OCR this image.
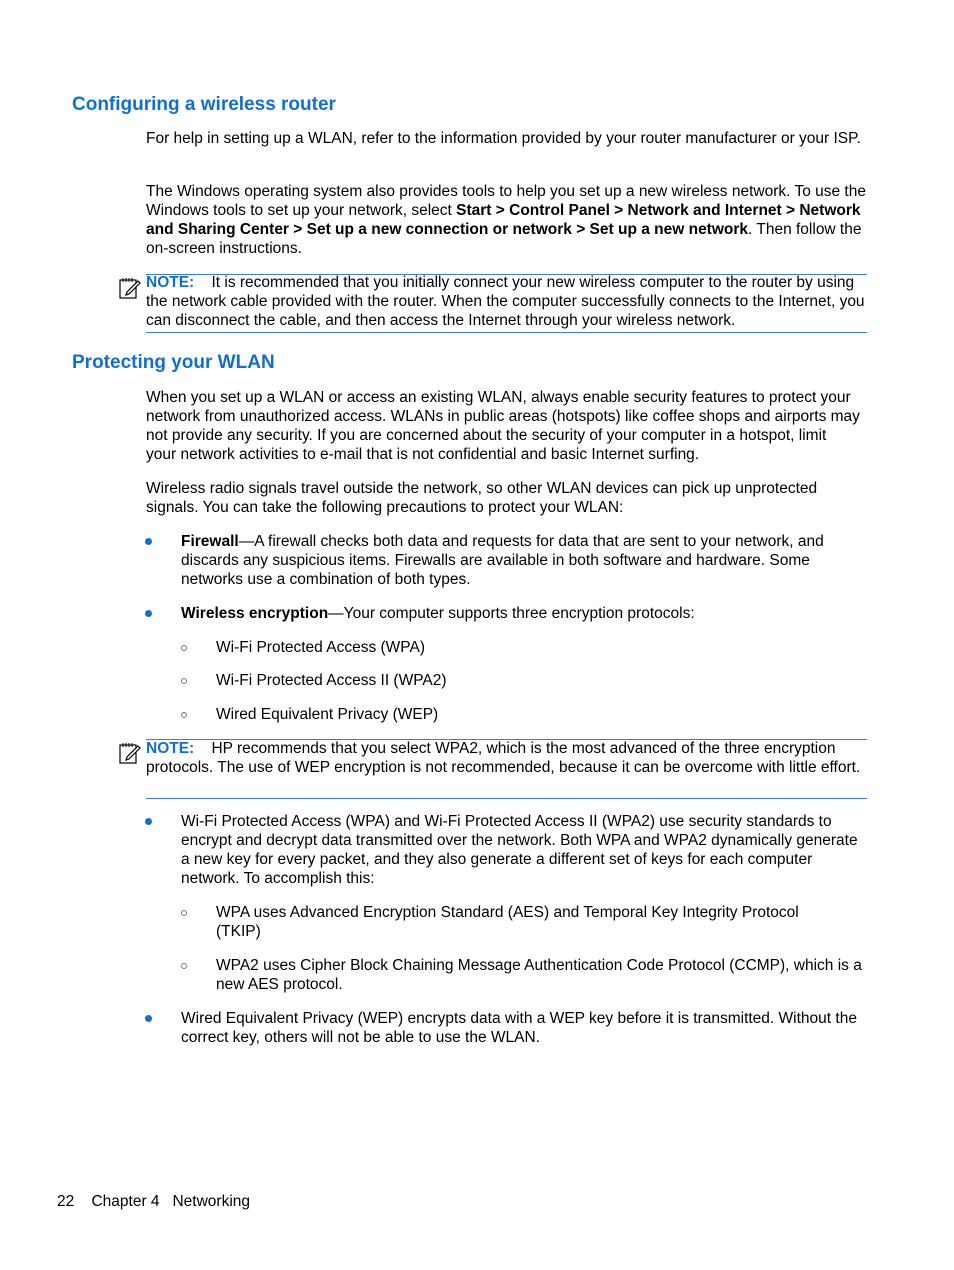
Configuring a wireless router

For help in setting up a WLAN, refer to the information provided by your router manufacturer or your ISP.

The Windows operating system also provides tools to help you set up a new wireless network. To use the Windows tools to set up your network, select Start > Control Panel > Network and Internet > Network and Sharing Center > Set up a new connection or network > Set up a new network. Then follow the on-screen instructions.

NOTE: It is recommended that you initially connect your new wireless computer to the router by using the network cable provided with the router. When the computer successfully connects to the Internet, you can disconnect the cable, and then access the Internet through your wireless network.

Protecting your WLAN

When you set up a WLAN or access an existing WLAN, always enable security features to protect your network from unauthorized access. WLANs in public areas (hotspots) like coffee shops and airports may not provide any security. If you are concerned about the security of your computer in a hotspot, limit your network activities to e-mail that is not confidential and basic Internet surfing.

Wireless radio signals travel outside the network, so other WLAN devices can pick up unprotected signals. You can take the following precautions to protect your WLAN:

Firewall—A firewall checks both data and requests for data that are sent to your network, and discards any suspicious items. Firewalls are available in both software and hardware. Some networks use a combination of both types.

Wireless encryption—Your computer supports three encryption protocols:

Wi-Fi Protected Access (WPA)

Wi-Fi Protected Access II (WPA2)

Wired Equivalent Privacy (WEP)

NOTE: HP recommends that you select WPA2, which is the most advanced of the three encryption protocols. The use of WEP encryption is not recommended, because it can be overcome with little effort.

Wi-Fi Protected Access (WPA) and Wi-Fi Protected Access II (WPA2) use security standards to encrypt and decrypt data transmitted over the network. Both WPA and WPA2 dynamically generate a new key for every packet, and they also generate a different set of keys for each computer network. To accomplish this:

WPA uses Advanced Encryption Standard (AES) and Temporal Key Integrity Protocol (TKIP)

WPA2 uses Cipher Block Chaining Message Authentication Code Protocol (CCMP), which is a new AES protocol.

Wired Equivalent Privacy (WEP) encrypts data with a WEP key before it is transmitted. Without the correct key, others will not be able to use the WLAN.

22 Chapter 4 Networking
